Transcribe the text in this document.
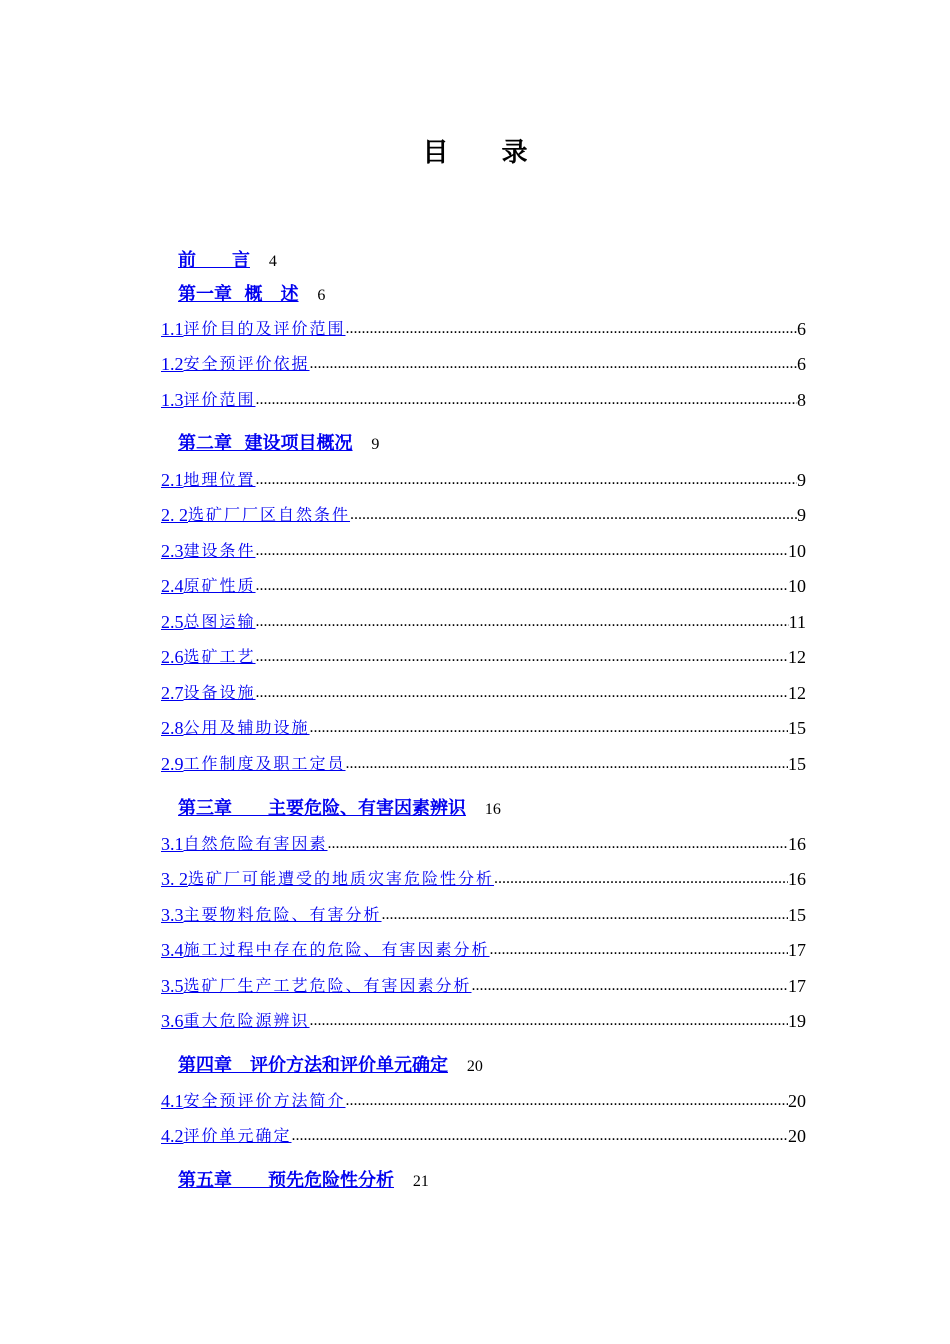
目 录
前　　言 4
第一章  概　述 6
1.1 评价目的及评价范围 .....	6
1.2 安全预评价依据 .....	6
1.3 评价范围 .....	8
第二章  建设项目概况 9
2.1 地理位置 .....	9
2. 2 选矿厂厂区自然条件 .....	9
2.3 建设条件 .....	10
2.4 原矿性质 .....	10
2.5 总图运输 .....	11
2.6 选矿工艺 .....	12
2.7 设备设施 .....	12
2.8 公用及辅助设施 .....	15
2.9 工作制度及职工定员 .....	15
第三章　　主要危险、有害因素辨识 16
3.1 自然危险有害因素 .....	16
3. 2 选矿厂可能遭受的地质灾害危险性分析 .....	16
3.3 主要物料危险、有害分析 .....	15
3.4 施工过程中存在的危险、有害因素分析 .....	17
3.5 选矿厂生产工艺危险、有害因素分析 .....	17
3.6 重大危险源辨识 .....	19
第四章　评价方法和评价单元确定 20
4.1 安全预评价方法简介 .....	20
4.2 评价单元确定 .....	20
第五章　　预先危险性分析 21
